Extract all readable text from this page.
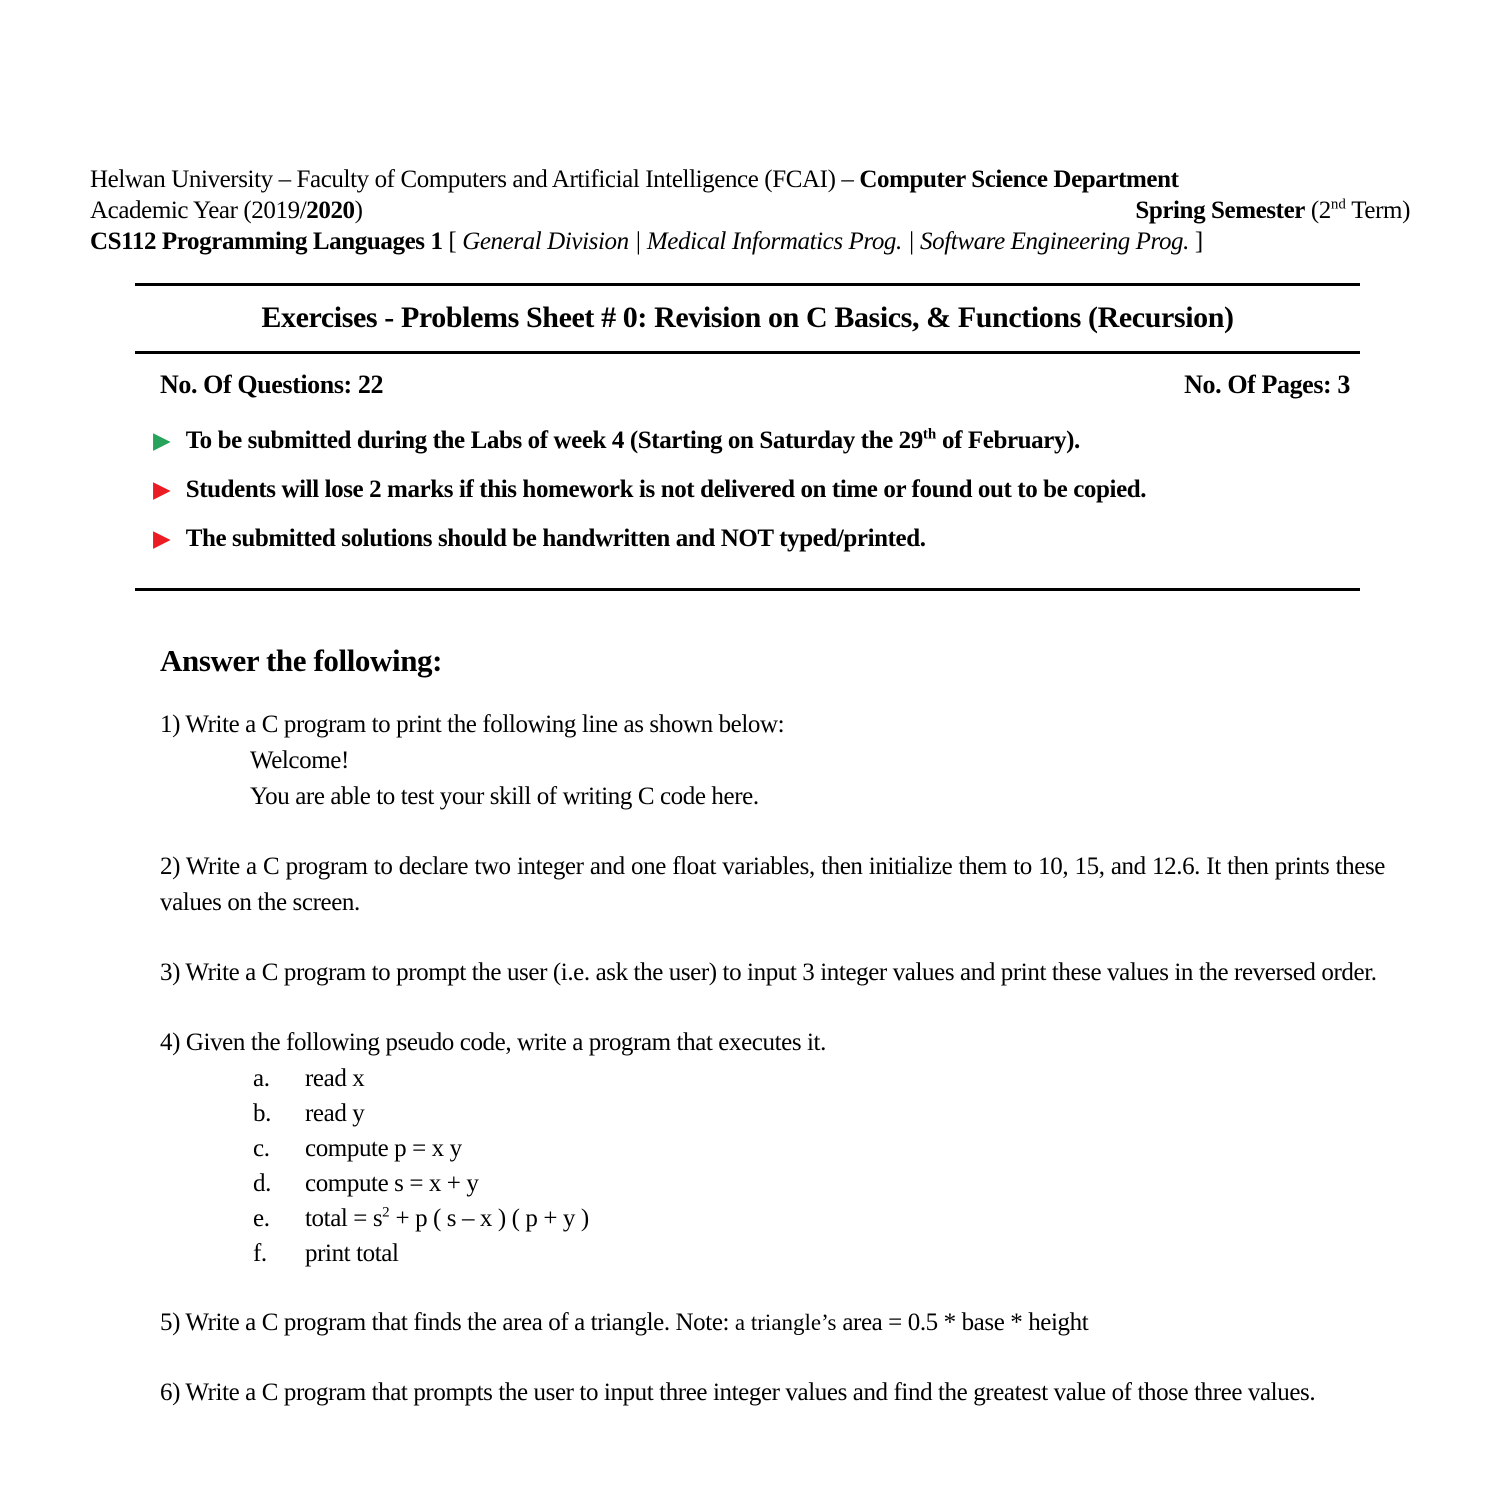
Helwan University – Faculty of Computers and Artificial Intelligence (FCAI) – Computer Science Department
Academic Year (2019/2020)	Spring Semester (2nd Term)
CS112 Programming Languages 1 [ General Division | Medical Informatics Prog. | Software Engineering Prog. ]
Exercises - Problems Sheet # 0: Revision on C Basics, & Functions (Recursion)
No. Of Questions: 22	No. Of Pages: 3
▶ To be submitted during the Labs of week 4 (Starting on Saturday the 29th of February).
▶ Students will lose 2 marks if this homework is not delivered on time or found out to be copied.
▶ The submitted solutions should be handwritten and NOT typed/printed.
Answer the following:

1) Write a C program to print the following line as shown below:

Welcome!

You are able to test your skill of writing C code here.

2) Write a C program to declare two integer and one float variables, then initialize them to 10, 15, and 12.6. It then prints these values on the screen.

3) Write a C program to prompt the user (i.e. ask the user) to input 3 integer values and print these values in the reversed order.

4) Given the following pseudo code, write a program that executes it.

a. read x
b. read y
c. compute p = x y
d. compute s = x + y
e. total = $s^2 + p$ ( s – x ) ( p + y )
f. print total

5) Write a C program that finds the area of a triangle. Note: a triangle’s area = 0.5 * base * height

6) Write a C program that prompts the user to input three integer values and find the greatest value of those three values.
